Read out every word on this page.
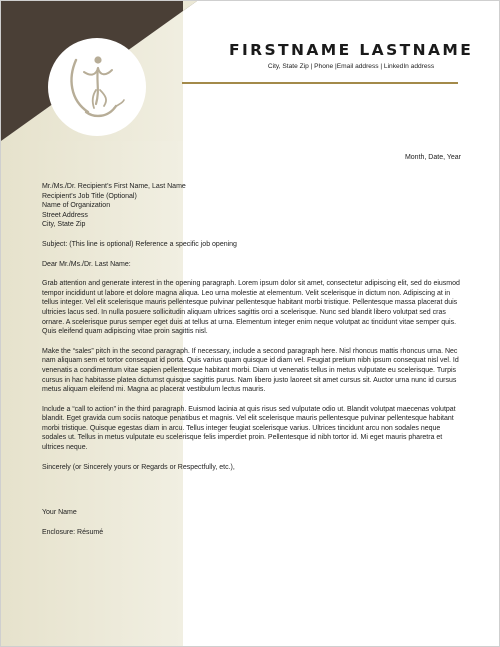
FIRSTNAME LASTNAME
City, State Zip | Phone |Email address | LinkedIn address
Month, Date, Year
Mr./Ms./Dr. Recipient’s First Name, Last Name
Recipient’s Job Title (Optional)
Name of Organization
Street Address
City, State Zip

Subject: (This line is optional) Reference a specific job opening

Dear Mr./Ms./Dr. Last Name:

Grab attention and generate interest in the opening paragraph. Lorem ipsum dolor sit amet, consectetur adipiscing elit, sed do eiusmod tempor incididunt ut labore et dolore magna aliqua. Leo urna molestie at elementum. Velit scelerisque in dictum non. Adipiscing at in tellus integer. Vel elit scelerisque mauris pellentesque pulvinar pellentesque habitant morbi tristique. Pellentesque massa placerat duis ultricies lacus sed. In nulla posuere sollicitudin aliquam ultrices sagittis orci a scelerisque. Nunc sed blandit libero volutpat sed cras ornare. A scelerisque purus semper eget duis at tellus at urna. Elementum integer enim neque volutpat ac tincidunt vitae semper quis. Quis eleifend quam adipiscing vitae proin sagittis nisl.

Make the “sales” pitch in the second paragraph. If necessary, include a second paragraph here. Nisl rhoncus mattis rhoncus urna. Nec nam aliquam sem et tortor consequat id porta. Quis varius quam quisque id diam vel. Feugiat pretium nibh ipsum consequat nisl vel. Id venenatis a condimentum vitae sapien pellentesque habitant morbi. Diam ut venenatis tellus in metus vulputate eu scelerisque. Turpis cursus in hac habitasse platea dictumst quisque sagittis purus. Nam libero justo laoreet sit amet cursus sit. Auctor urna nunc id cursus metus aliquam eleifend mi. Magna ac placerat vestibulum lectus mauris.

Include a “call to action” in the third paragraph. Euismod lacinia at quis risus sed vulputate odio ut. Blandit volutpat maecenas volutpat blandit. Eget gravida cum sociis natoque penatibus et magnis. Vel elit scelerisque mauris pellentesque pulvinar pellentesque habitant morbi tristique. Quisque egestas diam in arcu. Tellus integer feugiat scelerisque varius. Ultrices tincidunt arcu non sodales neque sodales ut. Tellus in metus vulputate eu scelerisque felis imperdiet proin. Pellentesque id nibh tortor id. Mi eget mauris pharetra et ultrices neque.

Sincerely (or Sincerely yours or Regards or Respectfully, etc.),

Your Name

Enclosure: Résumé
